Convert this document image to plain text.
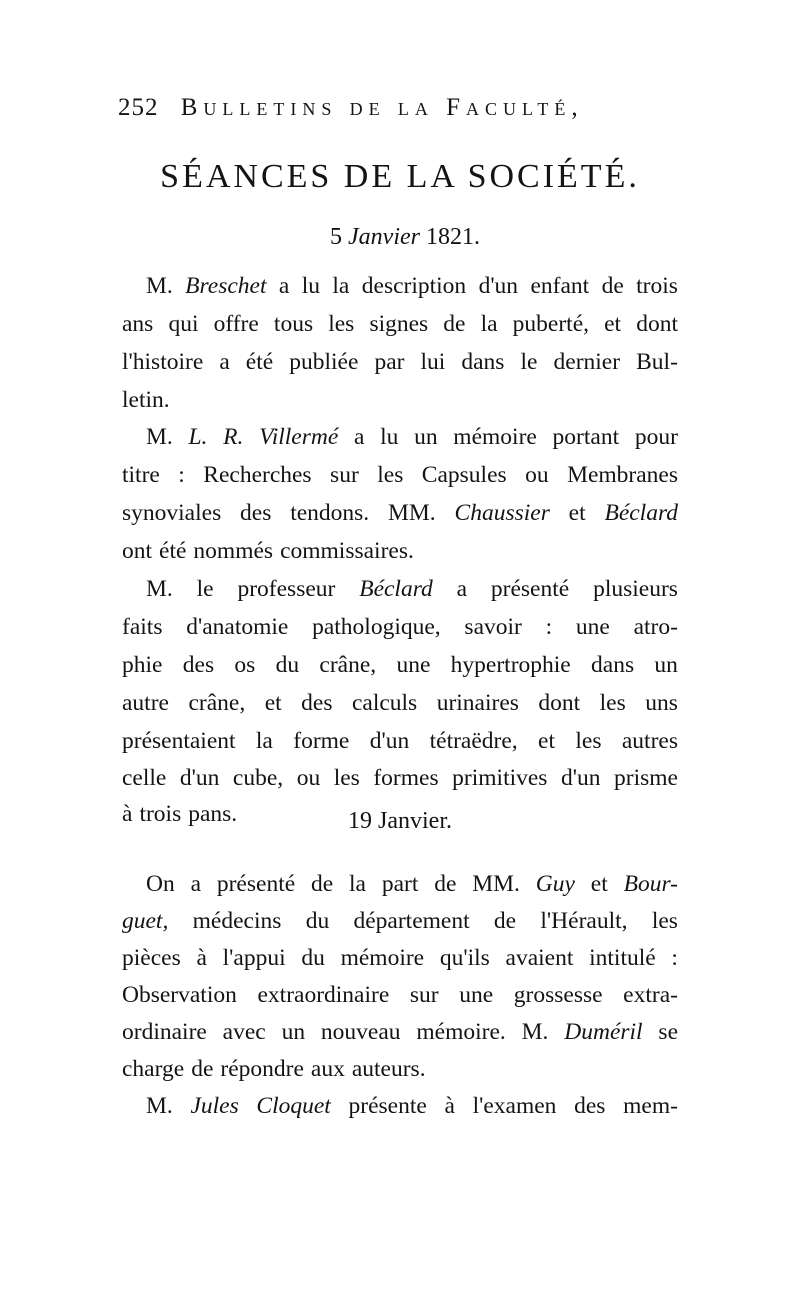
252 Bulletins de la Faculté,
SÉANCES DE LA SOCIÉTÉ.
5 Janvier 1821.
M. Breschet a lu la description d'un enfant de trois
ans qui offre tous les signes de la puberté, et dont
l'histoire a été publiée par lui dans le dernier Bul-
letin.
M. L. R. Villermé a lu un mémoire portant pour
titre : Recherches sur les Capsules ou Membranes
synoviales des tendons. MM. Chaussier et Béclard
ont été nommés commissaires.
M. le professeur Béclard a présenté plusieurs
faits d'anatomie pathologique, savoir : une atro-
phie des os du crâne, une hypertrophie dans un
autre crâne, et des calculs urinaires dont les uns
présentaient la forme d'un tétraëdre, et les autres
celle d'un cube, ou les formes primitives d'un prisme
à trois pans.	19 Janvier.
On a présenté de la part de MM. Guy et Bour-
guet, médecins du département de l'Hérault, les
pièces à l'appui du mémoire qu'ils avaient intitulé :
Observation extraordinaire sur une grossesse extra-
ordinaire avec un nouveau mémoire. M. Duméril se
charge de répondre aux auteurs.
M. Jules Cloquet présente à l'examen des mem-
